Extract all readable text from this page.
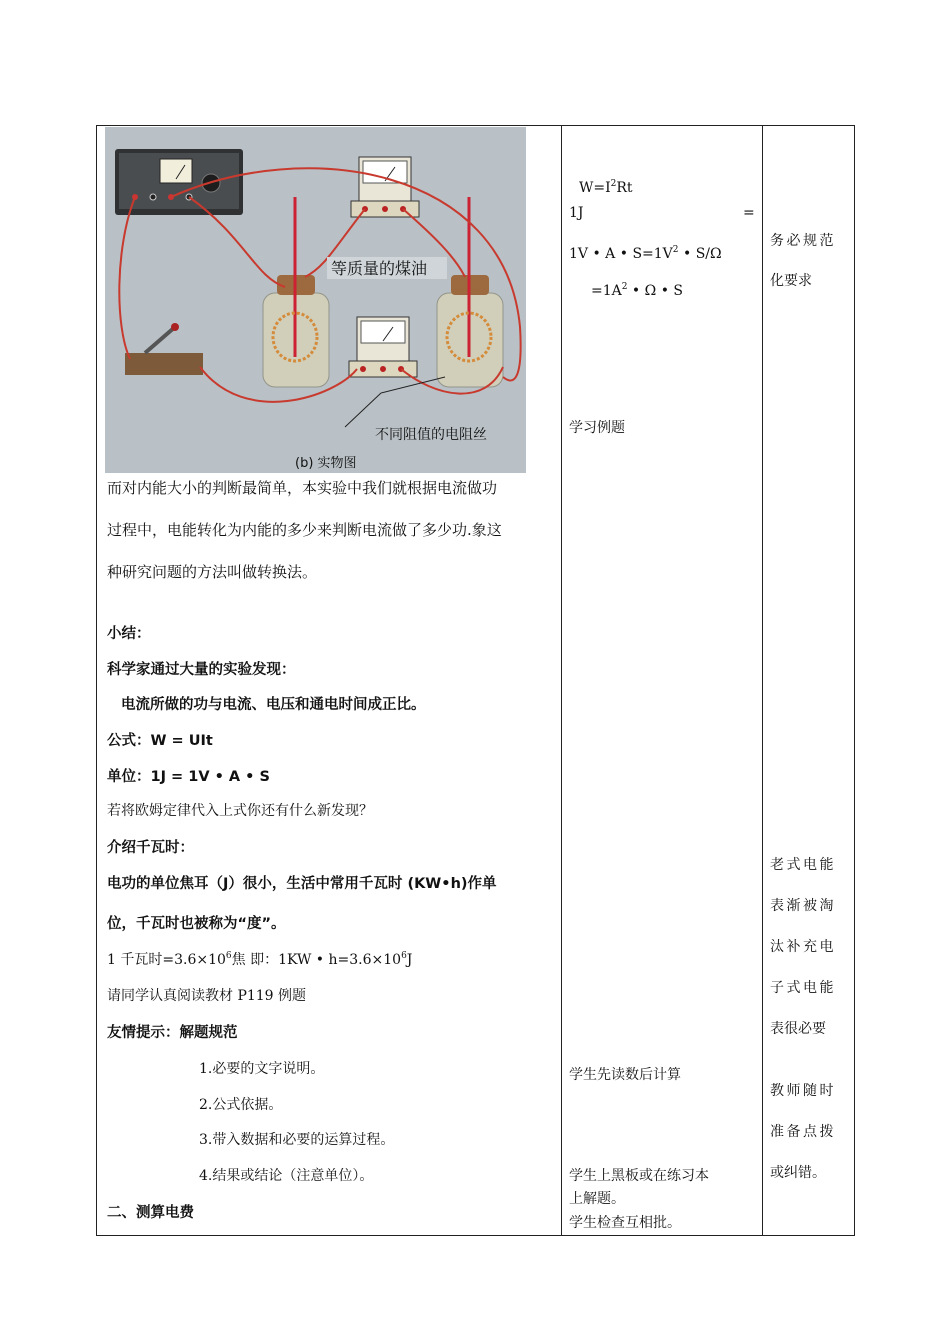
等质量的煤油
不同阻值的电阻丝
(b) 实物图
而对内能大小的判断最简单，本实验中我们就根据电流做功
过程中，电能转化为内能的多少来判断电流做了多少功.象这
种研究问题的方法叫做转换法。
小结：
科学家通过大量的实验发现：
电流所做的功与电流、电压和通电时间成正比。
公式：W = UIt
单位：1J = 1V • A • S
若将欧姆定律代入上式你还有什么新发现？
介绍千瓦时：
电功的单位焦耳（J）很小，生活中常用千瓦时 (KW•h)作单
位，千瓦时也被称为“度”。
1 千瓦时$=3.6\times 10^6$焦 即：1KW • $h=3.6\times 10^6J$
请同学认真阅读教材 P119 例题
友情提示：解题规范
1.必要的文字说明。
2.公式依据。
3.带入数据和必要的运算过程。
4.结果或结论（注意单位）。
二、测算电费
$W=I^2Rt$
1J	=
1V • A • $S=1V^2$ • S/Ω
$=1A^2$ • Ω • S
学习例题
学生先读数后计算
学生上黑板或在练习本
上解题。
学生检查互相批。
务必规范
化要求
老式电能
表渐被淘
汰补充电
子式电能
表很必要
教师随时
准备点拨
或纠错。
